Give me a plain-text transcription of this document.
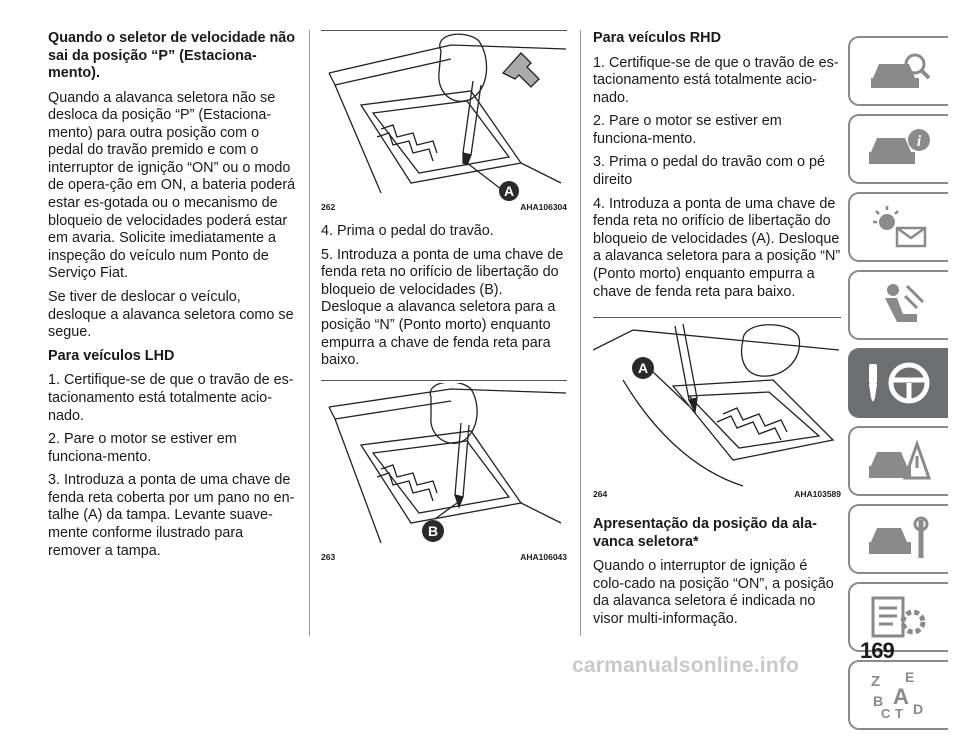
Quando o seletor de velocidade não sai da posição “P” (Estaciona-mento).

Quando a alavanca seletora não se desloca da posição “P” (Estaciona-mento) para outra posição com o pedal do travão premido e com o interruptor de ignição “ON” ou o modo de opera-ção em ON, a bateria poderá estar es-gotada ou o mecanismo de bloqueio de velocidades poderá estar em avaria. Solicite imediatamente a inspeção do veículo num Ponto de Serviço Fiat.

Se tiver de deslocar o veículo, desloque a alavanca seletora como se segue.

Para veículos LHD

1. Certifique-se de que o travão de es-tacionamento está totalmente acio-nado.

2. Pare o motor se estiver em funciona-mento.

3. Introduza a ponta de uma chave de fenda reta coberta por um pano no en-talhe (A) da tampa. Levante suave-mente conforme ilustrado para remover a tampa.

A
262	AHA106304

4. Prima o pedal do travão.

5. Introduza a ponta de uma chave de fenda reta no orifício de libertação do bloqueio de velocidades (B). Desloque a alavanca seletora para a posição “N” (Ponto morto) enquanto empurra a chave de fenda reta para baixo.

B
263	AHA106043
Para veículos RHD

1. Certifique-se de que o travão de es-tacionamento está totalmente acio-nado.

2. Pare o motor se estiver em funciona-mento.

3. Prima o pedal do travão com o pé direito

4. Introduza a ponta de uma chave de fenda reta no orifício de libertação do bloqueio de velocidades (A). Desloque a alavanca seletora para a posição “N” (Ponto morto) enquanto empurra a chave de fenda reta para baixo.

A
264	AHA103589
Apresentação da posição da ala-vanca seletora*

Quando o interruptor de ignição é colo-cado na posição “ON”, a posição da alavanca seletora é indicada no visor multi-informação.

i
Z E
B A
C T D
169
carmanualsonline.info
